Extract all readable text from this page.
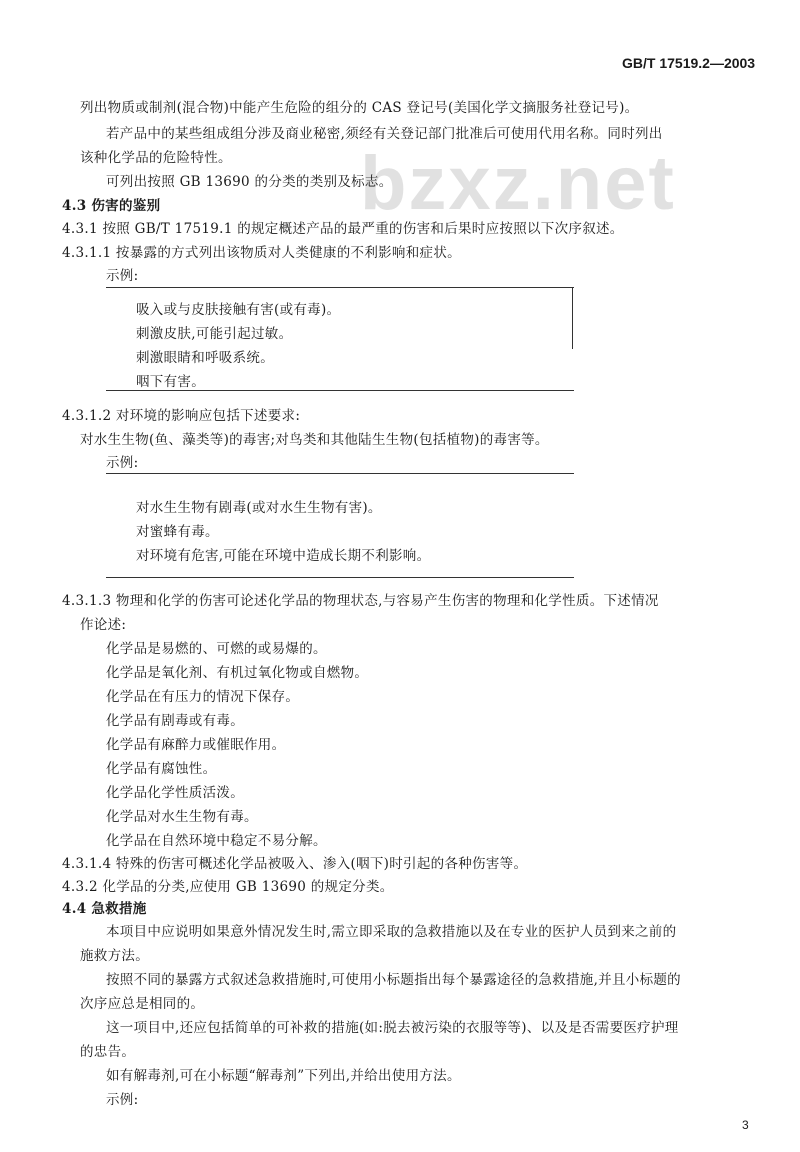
GB/T 17519.2—2003
bzxz.net
列出物质或制剂(混合物)中能产生危险的组分的 CAS 登记号(美国化学文摘服务社登记号)。
若产品中的某些组成组分涉及商业秘密,须经有关登记部门批准后可使用代用名称。同时列出
该种化学品的危险特性。
可列出按照 GB 13690 的分类的类别及标志。
4.3 伤害的鉴别
4.3.1 按照 GB/T 17519.1 的规定概述产品的最严重的伤害和后果时应按照以下次序叙述。
4.3.1.1 按暴露的方式列出该物质对人类健康的不利影响和症状。
示例:
吸入或与皮肤接触有害(或有毒)。
刺激皮肤,可能引起过敏。
刺激眼睛和呼吸系统。
咽下有害。
4.3.1.2 对环境的影响应包括下述要求:
对水生生物(鱼、藻类等)的毒害;对鸟类和其他陆生生物(包括植物)的毒害等。
示例:
对水生生物有剧毒(或对水生生物有害)。
对蜜蜂有毒。
对环境有危害,可能在环境中造成长期不利影响。
4.3.1.3 物理和化学的伤害可论述化学品的物理状态,与容易产生伤害的物理和化学性质。下述情况
作论述:
化学品是易燃的、可燃的或易爆的。
化学品是氧化剂、有机过氧化物或自燃物。
化学品在有压力的情况下保存。
化学品有剧毒或有毒。
化学品有麻醉力或催眠作用。
化学品有腐蚀性。
化学品化学性质活泼。
化学品对水生生物有毒。
化学品在自然环境中稳定不易分解。
4.3.1.4 特殊的伤害可概述化学品被吸入、渗入(咽下)时引起的各种伤害等。
4.3.2 化学品的分类,应使用 GB 13690 的规定分类。
4.4 急救措施
本项目中应说明如果意外情况发生时,需立即采取的急救措施以及在专业的医护人员到来之前的
施救方法。
按照不同的暴露方式叙述急救措施时,可使用小标题指出每个暴露途径的急救措施,并且小标题的
次序应总是相同的。
这一项目中,还应包括简单的可补救的措施(如:脱去被污染的衣服等等)、以及是否需要医疗护理
的忠告。
如有解毒剂,可在小标题“解毒剂”下列出,并给出使用方法。
示例:
3
